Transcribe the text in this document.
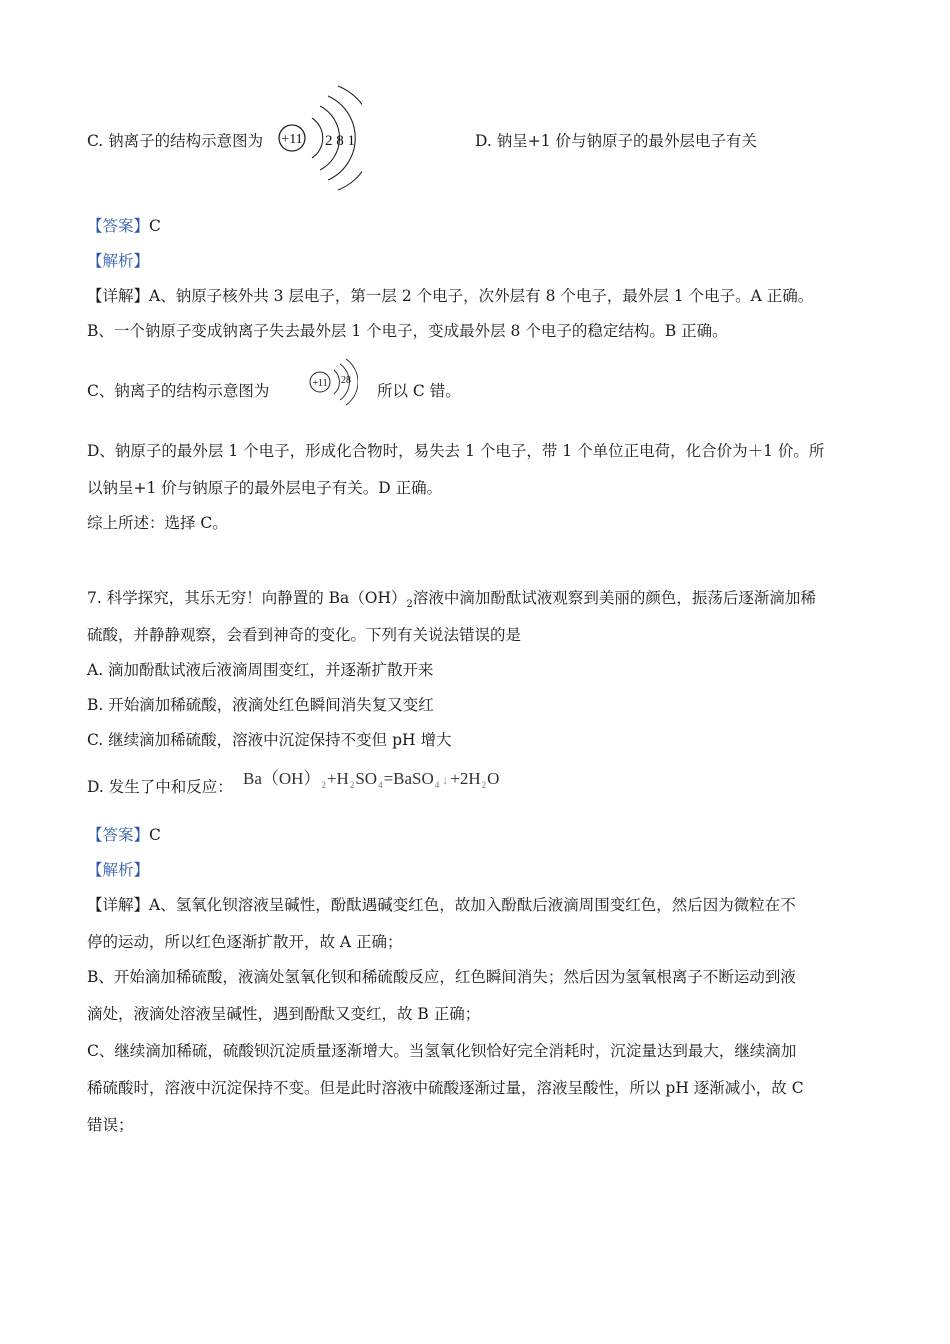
C. 钠离子的结构示意图为 +11 2 8 1	D. 钠呈+1 价与钠原子的最外层电子有关
【答案】C
【解析】
【详解】A、钠原子核外共 3 层电子，第一层 2 个电子，次外层有 8 个电子，最外层 1 个电子。A 正确。
B、一个钠原子变成钠离子失去最外层 1 个电子，变成最外层 8 个电子的稳定结构。B 正确。
C、钠离子的结构示意图为	+11 28
所以 C 错。
D、钠原子的最外层 1 个电子，形成化合物时，易失去 1 个电子，带 1 个单位正电荷，化合价为＋1 价。所
以钠呈+1 价与钠原子的最外层电子有关。D 正确。
综上所述：选择 C。
7. 科学探究，其乐无穷！向静置的 $Ba(OH)_2$溶液中滴加酚酞试液观察到美丽的颜色，振荡后逐渐滴加稀
硫酸，并静静观察，会看到神奇的变化。下列有关说法错误的是
A. 滴加酚酞试液后液滴周围变红，并逐渐扩散开来
B. 开始滴加稀硫酸，液滴处红色瞬间消失复又变红
C. 继续滴加稀硫酸，溶液中沉淀保持不变但 pH 增大
D. 发生了中和反应： $Ba(OH)_2+H_2SO_4=BaSO_4$ ↓ $+2H_2O$
【答案】C
【解析】
【详解】A、氢氧化钡溶液呈碱性，酚酞遇碱变红色，故加入酚酞后液滴周围变红色，然后因为微粒在不
停的运动，所以红色逐渐扩散开，故 A 正确；
B、开始滴加稀硫酸，液滴处氢氧化钡和稀硫酸反应，红色瞬间消失；然后因为氢氧根离子不断运动到液
滴处，液滴处溶液呈碱性，遇到酚酞又变红，故 B 正确；
C、继续滴加稀硫，硫酸钡沉淀质量逐渐增大。当氢氧化钡恰好完全消耗时，沉淀量达到最大，继续滴加
稀硫酸时，溶液中沉淀保持不变。但是此时溶液中硫酸逐渐过量，溶液呈酸性，所以 pH 逐渐减小，故 C
错误；
